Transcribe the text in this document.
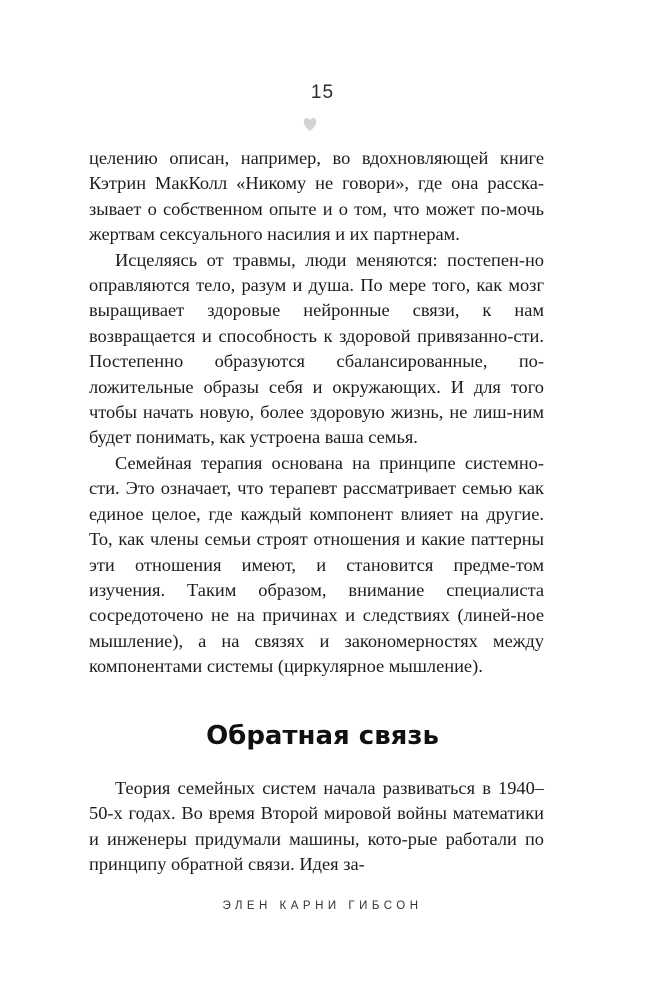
15

целению описан, например, во вдохновляющей книге Кэтрин МакКолл «Никому не говори», где она расска-зывает о собственном опыте и о том, что может по-мочь жертвам сексуального насилия и их партнерам.

Исцеляясь от травмы, люди меняются: постепен-но оправляются тело, разум и душа. По мере того, как мозг выращивает здоровые нейронные связи, к нам возвращается и способность к здоровой привязанно-сти. Постепенно образуются сбалансированные, по-ложительные образы себя и окружающих. И для того чтобы начать новую, более здоровую жизнь, не лиш-ним будет понимать, как устроена ваша семья.

Семейная терапия основана на принципе системно-сти. Это означает, что терапевт рассматривает семью как единое целое, где каждый компонент влияет на другие. То, как члены семьи строят отношения и какие паттерны эти отношения имеют, и становится предме-том изучения. Таким образом, внимание специалиста сосредоточено не на причинах и следствиях (линей-ное мышление), а на связях и закономерностях между компонентами системы (циркулярное мышление).

Обратная связь

Теория семейных систем начала развиваться в 1940–50-х годах. Во время Второй мировой войны математики и инженеры придумали машины, кото-рые работали по принципу обратной связи. Идея за-

ЭЛЕН КАРНИ ГИБСОН
